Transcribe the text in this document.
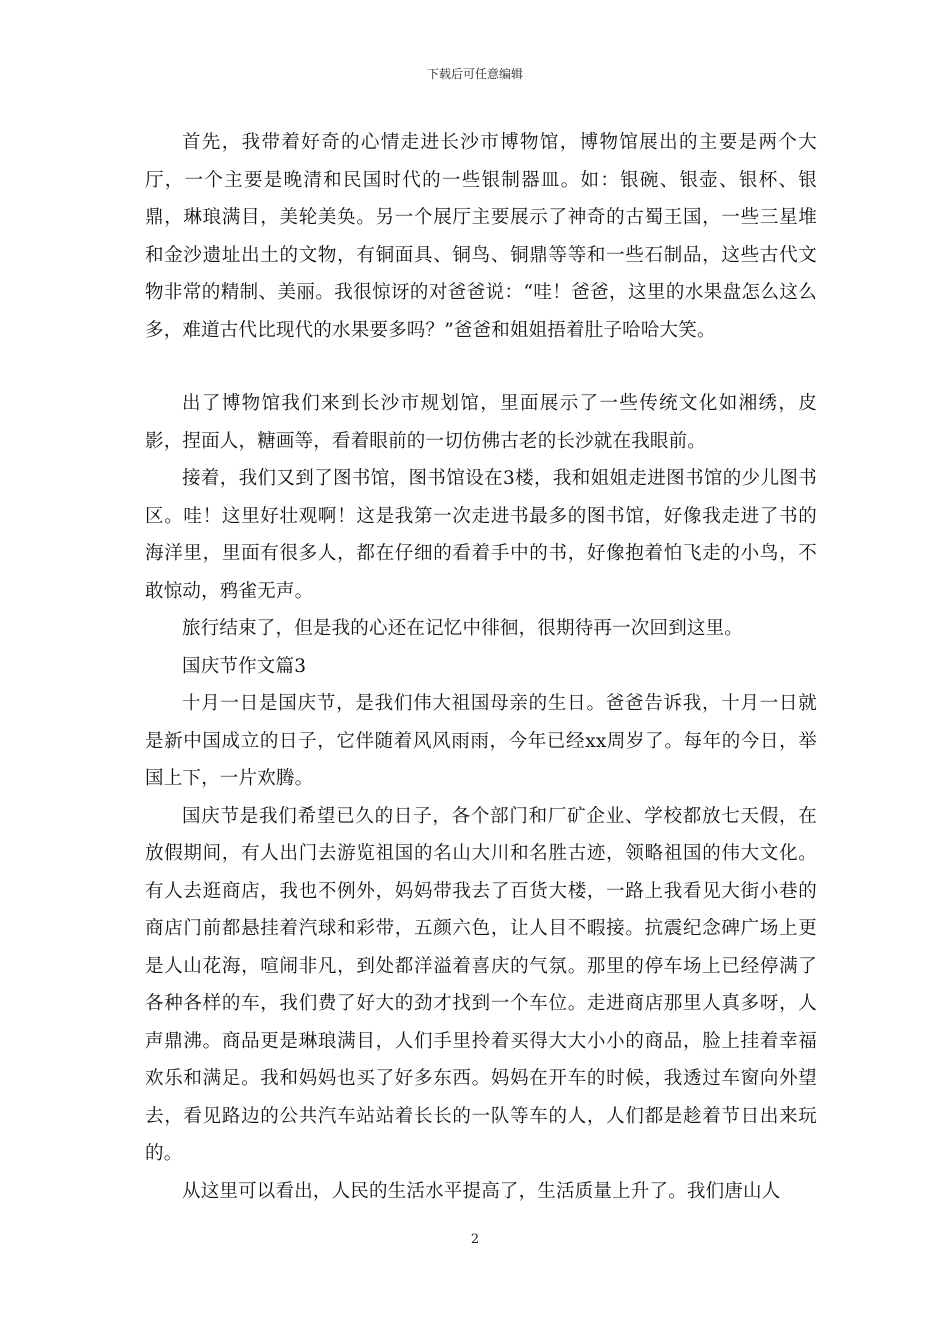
下载后可任意编辑

首先，我带着好奇的心情走进长沙市博物馆，博物馆展出的主要是两个大厅，一个主要是晚清和民国时代的一些银制器皿。如：银碗、银壶、银杯、银鼎，琳琅满目，美轮美奂。另一个展厅主要展示了神奇的古蜀王国，一些三星堆和金沙遗址出土的文物，有铜面具、铜鸟、铜鼎等等和一些石制品，这些古代文物非常的精制、美丽。我很惊讶的对爸爸说：“哇！爸爸，这里的水果盘怎么这么多，难道古代比现代的水果要多吗？”爸爸和姐姐捂着肚子哈哈大笑。

出了博物馆我们来到长沙市规划馆，里面展示了一些传统文化如湘绣，皮影，捏面人，糖画等，看着眼前的一切仿佛古老的长沙就在我眼前。

接着，我们又到了图书馆，图书馆设在3楼，我和姐姐走进图书馆的少儿图书区。哇！这里好壮观啊！这是我第一次走进书最多的图书馆，好像我走进了书的海洋里，里面有很多人，都在仔细的看着手中的书，好像抱着怕飞走的小鸟，不敢惊动，鸦雀无声。

旅行结束了，但是我的心还在记忆中徘徊，很期待再一次回到这里。

国庆节作文篇3

十月一日是国庆节，是我们伟大祖国母亲的生日。爸爸告诉我，十月一日就是新中国成立的日子，它伴随着风风雨雨，今年已经xx周岁了。每年的今日，举国上下，一片欢腾。

国庆节是我们希望已久的日子，各个部门和厂矿企业、学校都放七天假，在放假期间，有人出门去游览祖国的名山大川和名胜古迹，领略祖国的伟大文化。有人去逛商店，我也不例外，妈妈带我去了百货大楼，一路上我看见大街小巷的商店门前都悬挂着汽球和彩带，五颜六色，让人目不暇接。抗震纪念碑广场上更是人山花海，喧闹非凡，到处都洋溢着喜庆的气氛。那里的停车场上已经停满了各种各样的车，我们费了好大的劲才找到一个车位。走进商店那里人真多呀，人声鼎沸。商品更是琳琅满目，人们手里拎着买得大大小小的商品，脸上挂着幸福欢乐和满足。我和妈妈也买了好多东西。妈妈在开车的时候，我透过车窗向外望去，看见路边的公共汽车站站着长长的一队等车的人，人们都是趁着节日出来玩的。

从这里可以看出，人民的生活水平提高了，生活质量上升了。我们唐山人

2
